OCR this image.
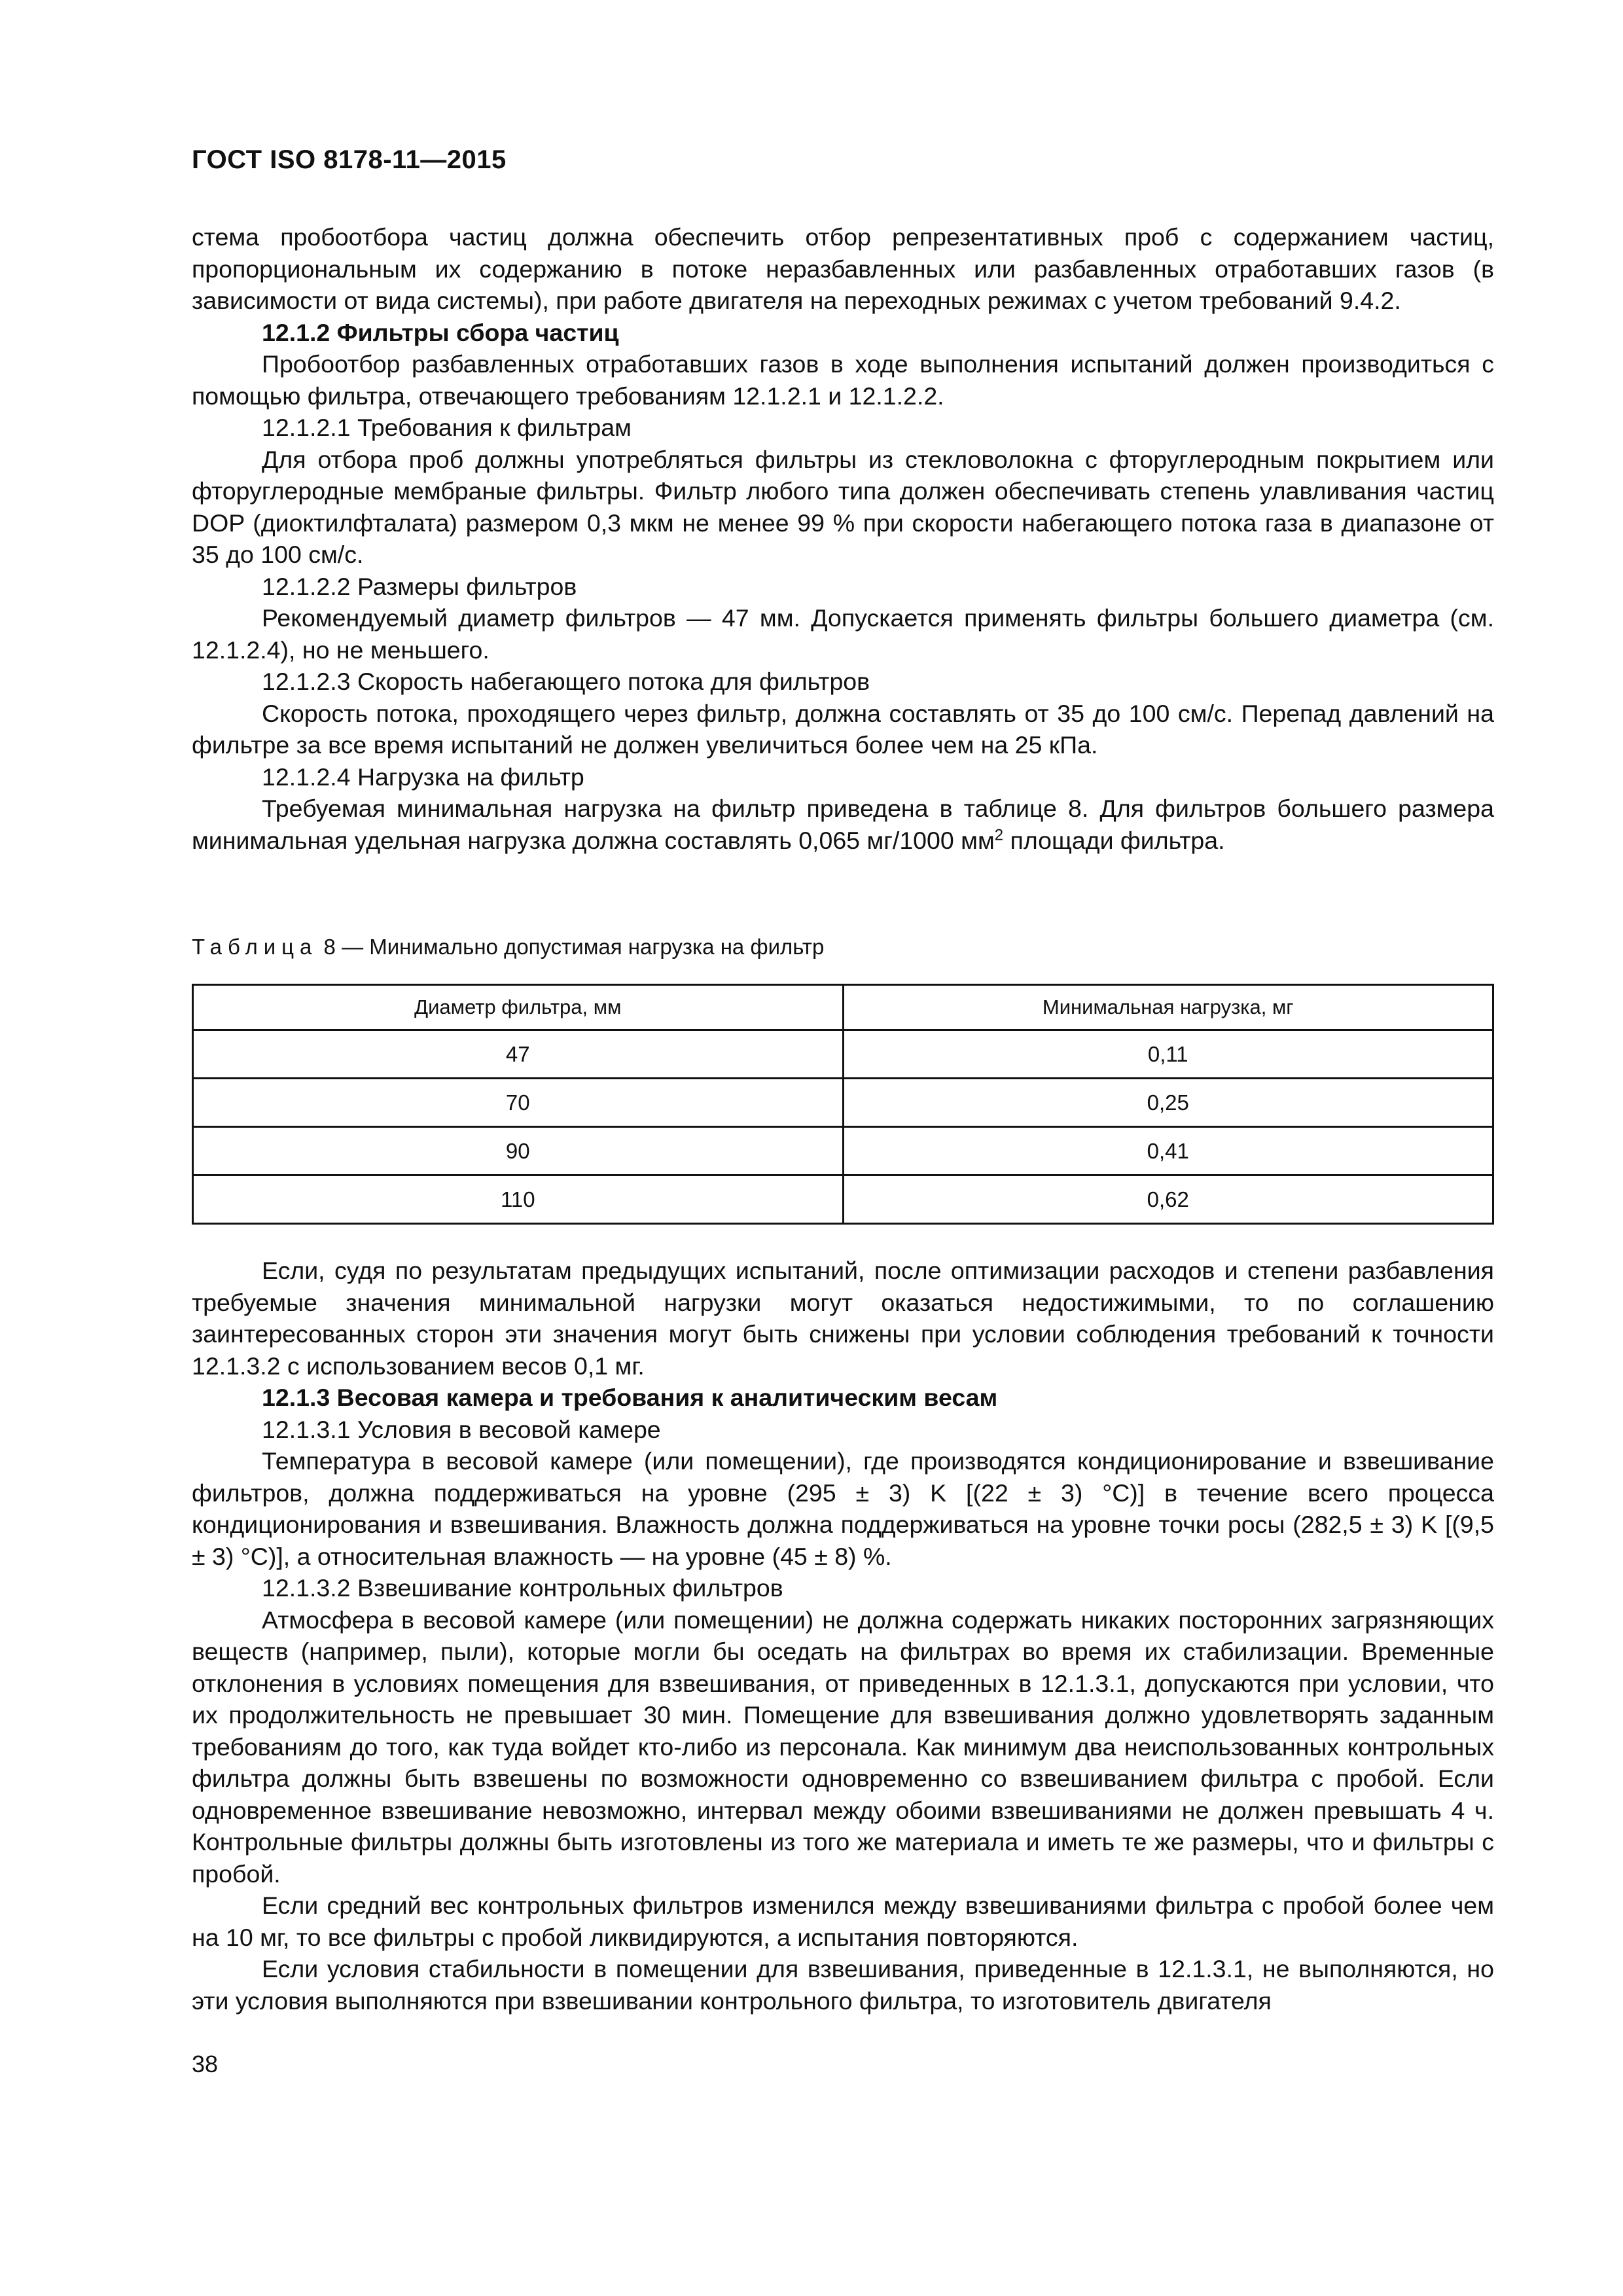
ГОСТ ISO 8178-11—2015

стема пробоотбора частиц должна обеспечить отбор репрезентативных проб с содержанием частиц, пропорциональным их содержанию в потоке неразбавленных или разбавленных отработавших газов (в зависимости от вида системы), при работе двигателя на переходных режимах с учетом требований 9.4.2.

12.1.2 Фильтры сбора частиц

Пробоотбор разбавленных отработавших газов в ходе выполнения испытаний должен производиться с помощью фильтра, отвечающего требованиям 12.1.2.1 и 12.1.2.2.

12.1.2.1 Требования к фильтрам

Для отбора проб должны употребляться фильтры из стекловолокна с фторуглеродным покрытием или фторуглеродные мембраные фильтры. Фильтр любого типа должен обеспечивать степень улавливания частиц DOP (диоктилфталата) размером 0,3 мкм не менее 99 % при скорости набегающего потока газа в диапазоне от 35 до 100 см/с.

12.1.2.2 Размеры фильтров

Рекомендуемый диаметр фильтров — 47 мм. Допускается применять фильтры большего диаметра (см. 12.1.2.4), но не меньшего.

12.1.2.3 Скорость набегающего потока для фильтров

Скорость потока, проходящего через фильтр, должна составлять от 35 до 100 см/с. Перепад давлений на фильтре за все время испытаний не должен увеличиться более чем на 25 кПа.

12.1.2.4 Нагрузка на фильтр

Требуемая минимальная нагрузка на фильтр приведена в таблице 8. Для фильтров большего размера минимальная удельная нагрузка должна составлять 0,065 мг/1000 $мм^2$ площади фильтра.

Таблица 8 — Минимально допустимая нагрузка на фильтр
Диаметр фильтра, мм	Минимальная нагрузка, мг
47	0,11
70	0,25
90	0,41
110	0,62

Если, судя по результатам предыдущих испытаний, после оптимизации расходов и степени разбавления требуемые значения минимальной нагрузки могут оказаться недостижимыми, то по соглашению заинтересованных сторон эти значения могут быть снижены при условии соблюдения требований к точности 12.1.3.2 с использованием весов 0,1 мг.

12.1.3 Весовая камера и требования к аналитическим весам

12.1.3.1 Условия в весовой камере

Температура в весовой камере (или помещении), где производятся кондиционирование и взвешивание фильтров, должна поддерживаться на уровне (295 ± 3) K [(22 ± 3) °C)] в течение всего процесса кондиционирования и взвешивания. Влажность должна поддерживаться на уровне точки росы (282,5 ± 3) K [(9,5 ± 3) °C)], а относительная влажность — на уровне (45 ± 8) %.

12.1.3.2 Взвешивание контрольных фильтров

Атмосфера в весовой камере (или помещении) не должна содержать никаких посторонних загрязняющих веществ (например, пыли), которые могли бы оседать на фильтрах во время их стабилизации. Временные отклонения в условиях помещения для взвешивания, от приведенных в 12.1.3.1, допускаются при условии, что их продолжительность не превышает 30 мин. Помещение для взвешивания должно удовлетворять заданным требованиям до того, как туда войдет кто-либо из персонала. Как минимум два неиспользованных контрольных фильтра должны быть взвешены по возможности одновременно со взвешиванием фильтра с пробой. Если одновременное взвешивание невозможно, интервал между обоими взвешиваниями не должен превышать 4 ч. Контрольные фильтры должны быть изготовлены из того же материала и иметь те же размеры, что и фильтры с пробой.

Если средний вес контрольных фильтров изменился между взвешиваниями фильтра с пробой более чем на 10 мг, то все фильтры с пробой ликвидируются, а испытания повторяются.

Если условия стабильности в помещении для взвешивания, приведенные в 12.1.3.1, не выполняются, но эти условия выполняются при взвешивании контрольного фильтра, то изготовитель двигателя

38
